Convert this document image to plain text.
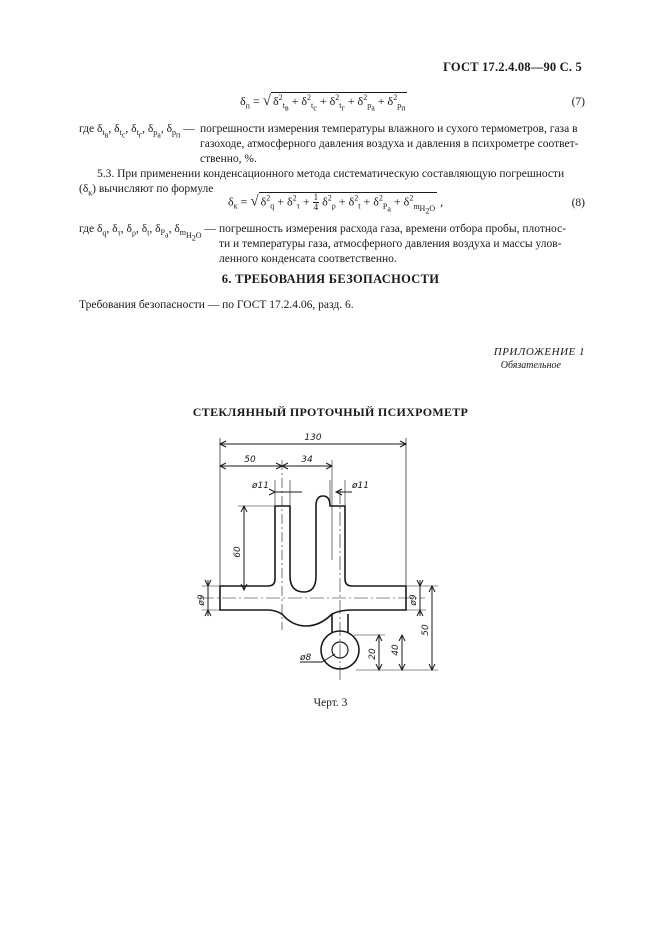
ГОСТ 17.2.4.08—90 С. 5
$\delta_п$ = √ $\delta^2_{t_в} + \delta^2_{t_c} + \delta^2_{t_г} + \delta^2_{p_a} + \delta^2_{p_п}$
(7)
где $\delta_{t_в}$, $\delta_{t_c}$, $\delta_{t_г}$, $\delta_{p_a}$, $\delta_{p_п}$ — погрешности измерения температуры влажного и сухого термометров, газа в
газоходе, атмосферного давления воздуха и давления в психрометре соответ-
ственно, %.
5.3. При применении конденсационного метода систематическую составляющую погрешности
$(\delta_к)$ вычисляют по формуле
$\delta_к$ = √ $\delta^2_q + \delta^2_\tau + \frac{1}{4} \delta^2_\rho + \delta^2_t + \delta^2_{P_a} + \delta^2_{m_{H_2O}}$ ,	(8)
где $\delta_q$, $\delta_\tau$, $\delta_\rho$, $\delta_t$, $\delta_{P_a}$, $\delta_{m_{H_2O}}$ — погрешность измерения расхода газа, времени отбора пробы, плотнос-
ти и температуры газа, атмосферного давления воздуха и массы улов-
ленного конденсата соответственно.
6. ТРЕБОВАНИЯ БЕЗОПАСНОСТИ
Требования безопасности — по ГОСТ 17.2.4.06, разд. 6.
ПРИЛОЖЕНИЕ 1
Обязательное
СТЕКЛЯННЫЙ ПРОТОЧНЫЙ ПСИХРОМЕТР
130
50	34
ø11	ø11
60
ø9	ø9
ø8	20 40
50
Черт. 3
